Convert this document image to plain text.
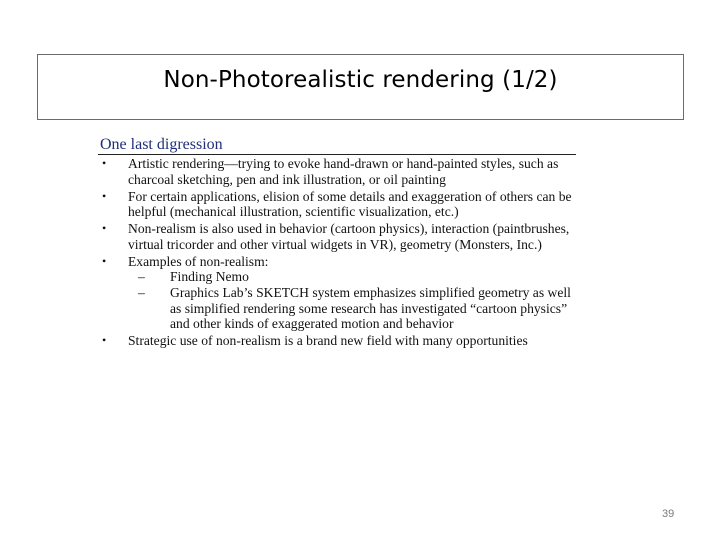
Non-Photorealistic rendering (1/2)
One last digression
• Artistic rendering—trying to evoke hand-drawn or hand-painted styles, such as charcoal sketching, pen and ink illustration, or oil painting
• For certain applications, elision of some details and exaggeration of others can be helpful (mechanical illustration, scientific visualization, etc.)
• Non-realism is also used in behavior (cartoon physics), interaction (paintbrushes, virtual tricorder and other virtual widgets in VR), geometry (Monsters, Inc.)
• Examples of non-realism:
– Finding Nemo
– Graphics Lab’s SKETCH system emphasizes simplified geometry as well as simplified rendering some research has investigated “cartoon physics” and other kinds of exaggerated motion and behavior
• Strategic use of non-realism is a brand new field with many opportunities
39
